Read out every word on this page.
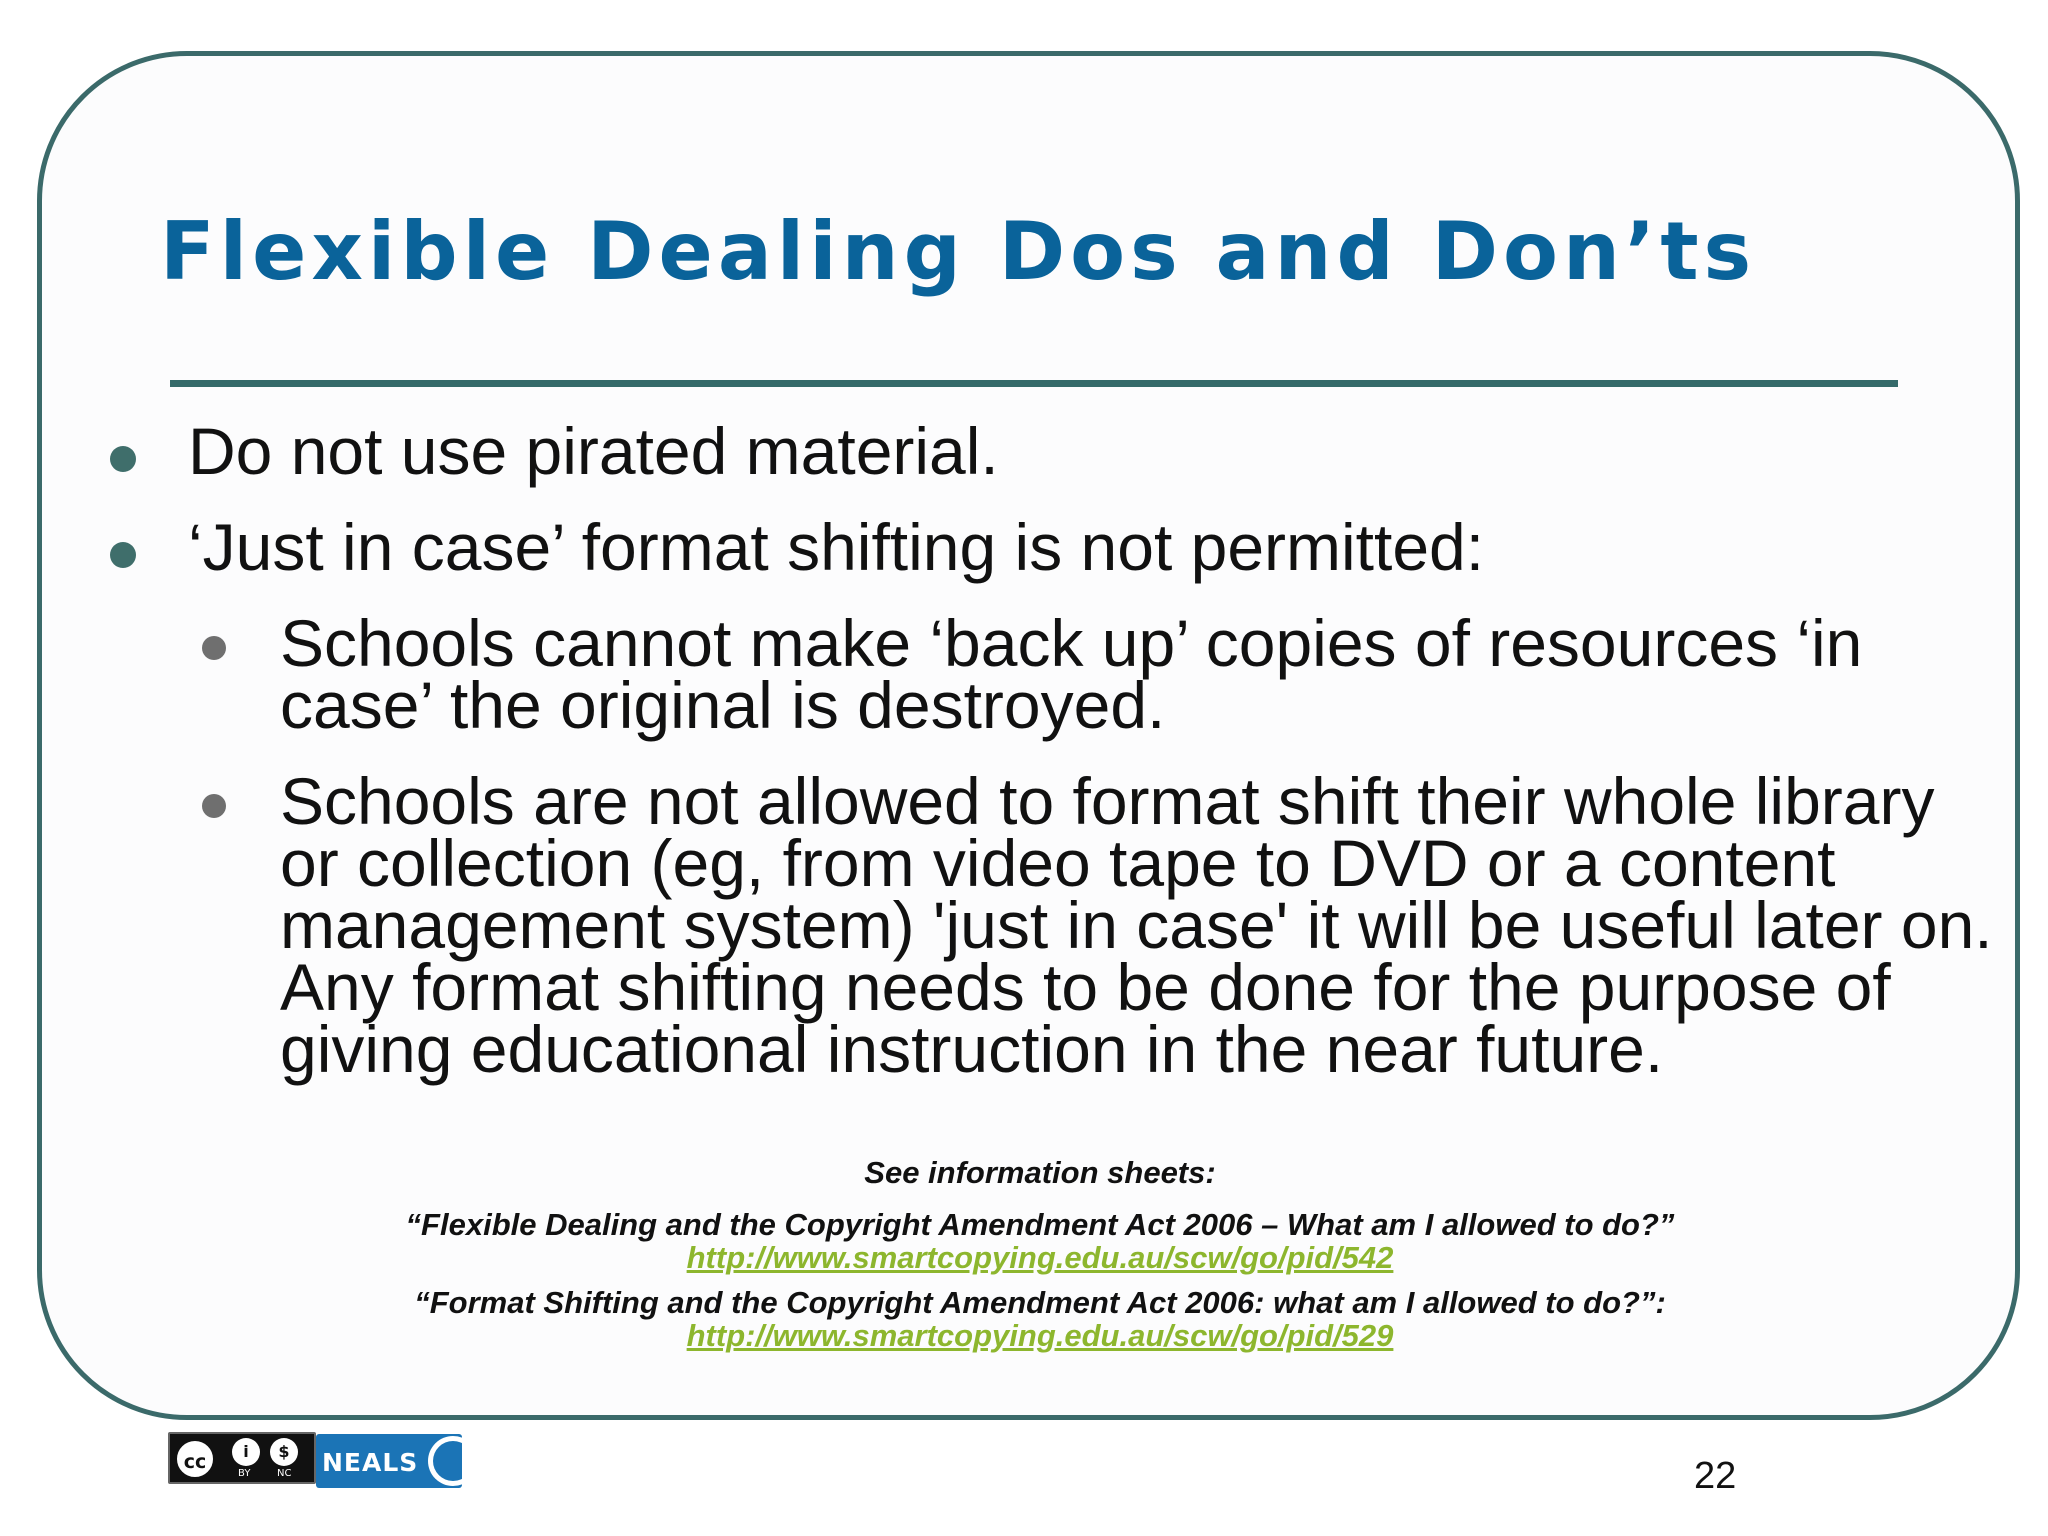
Flexible Dealing Dos and Don’ts
Do not use pirated material.
‘Just in case’ format shifting is not permitted:
Schools cannot make ‘back up’ copies of resources ‘in case’ the original is destroyed.
Schools are not allowed to format shift their whole library or collection (eg, from video tape to DVD or a content management system) 'just in case' it will be useful later on. Any format shifting needs to be done for the purpose of giving educational instruction in the near future.
See information sheets:
“Flexible Dealing and the Copyright Amendment Act 2006 – What am I allowed to do?”
http://www.smartcopying.edu.au/scw/go/pid/542
“Format Shifting and the Copyright Amendment Act 2006: what am I allowed to do?”:
http://www.smartcopying.edu.au/scw/go/pid/529
cc	i	$
BY	NC NEALS	22
